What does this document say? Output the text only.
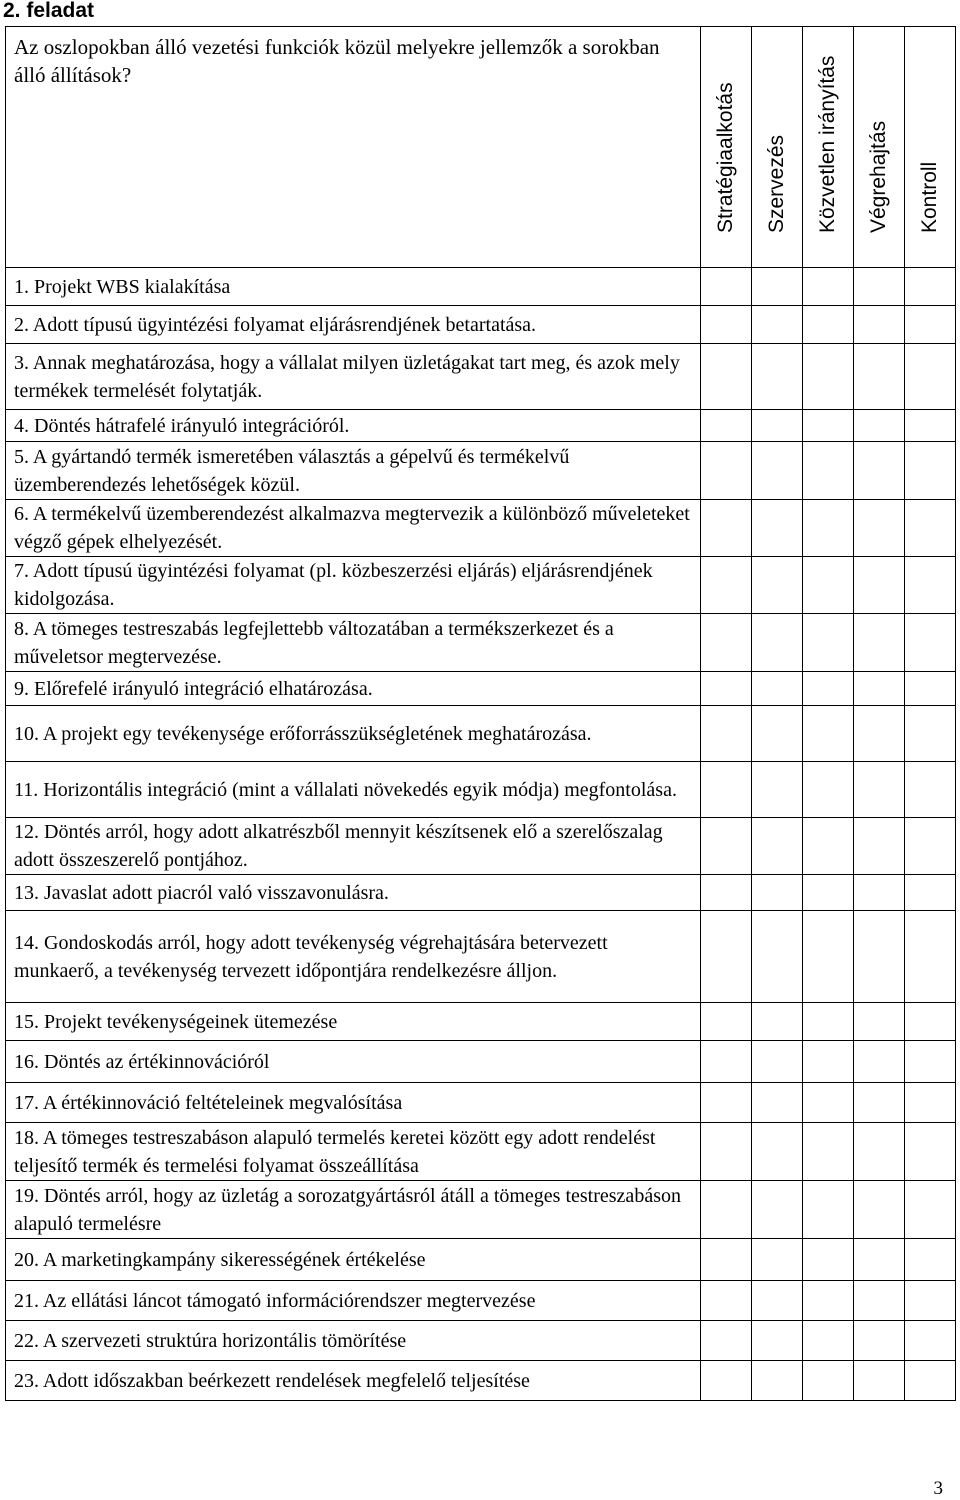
2. feladat
Az oszlopokban álló vezetési funkciók közül melyekre jellemzők a sorokban álló állítások?	Stratégiaalkotás	Szervezés	Közvetlen irányítás	Végrehajtás	Kontroll

1. Projekt WBS kialakítása					
2. Adott típusú ügyintézési folyamat eljárásrendjének betartatása.					
3. Annak meghatározása, hogy a vállalat milyen üzletágakat tart meg, és azok mely termékek termelését folytatják.					
4. Döntés hátrafelé irányuló integrációról.					
5. A gyártandó termék ismeretében választás a gépelvű és termékelvű üzemberendezés lehetőségek közül.					
6. A termékelvű üzemberendezést alkalmazva megtervezik a különböző műveleteket végző gépek elhelyezését.					
7. Adott típusú ügyintézési folyamat (pl. közbeszerzési eljárás) eljárásrendjének kidolgozása.					
8. A tömeges testreszabás legfejlettebb változatában a termékszerkezet és a műveletsor megtervezése.					
9. Előrefelé irányuló integráció elhatározása.					
10. A projekt egy tevékenysége erőforrásszükségletének meghatározása.					
11. Horizontális integráció (mint a vállalati növekedés egyik módja) megfontolása.					
12. Döntés arról, hogy adott alkatrészből mennyit készítsenek elő a szerelőszalag adott összeszerelő pontjához.					
13. Javaslat adott piacról való visszavonulásra.					
14. Gondoskodás arról, hogy adott tevékenység végrehajtására betervezett munkaerő, a tevékenység tervezett időpontjára rendelkezésre álljon.					
15. Projekt tevékenységeinek ütemezése					
16. Döntés az értékinnovációról					
17. A értékinnováció feltételeinek megvalósítása					
18. A tömeges testreszabáson alapuló termelés keretei között egy adott rendelést teljesítő termék és termelési folyamat összeállítása					
19. Döntés arról, hogy az üzletág a sorozatgyártásról átáll a tömeges testreszabáson alapuló termelésre					
20. A marketingkampány sikerességének értékelése					
21. Az ellátási láncot támogató információrendszer megtervezése					
22. A szervezeti struktúra horizontális tömörítése					
23. Adott időszakban beérkezett rendelések megfelelő teljesítése					
3
